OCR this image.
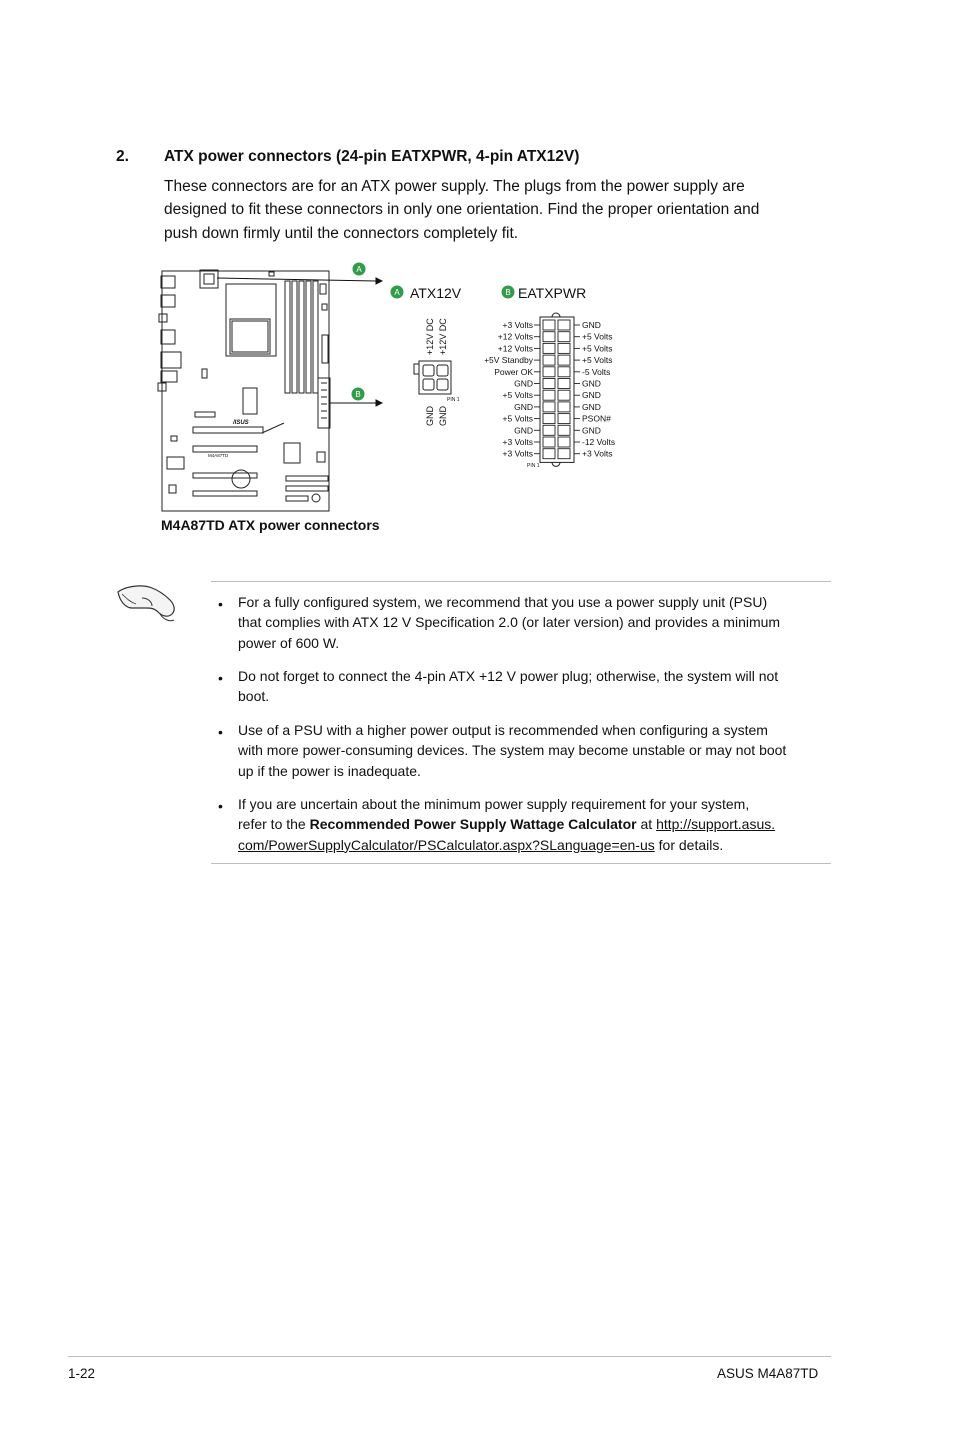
2. ATX power connectors (24-pin EATXPWR, 4-pin ATX12V)
These connectors are for an ATX power supply. The plugs from the power supply are
designed to fit these connectors in only one orientation. Find the proper orientation and
push down firmly until the connectors completely fit.
/ISUS
M4A87TD
A
B
A ATX12V
+12V DC +12V DC
GND GND
PIN 1
B EATXPWR
+3 Volts
+12 Volts
+12 Volts
+5V Standby
Power OK
GND
+5 Volts
GND
+5 Volts
GND
+3 Volts
+3 Volts
GND
+5 Volts
+5 Volts
+5 Volts
-5 Volts
GND
GND
GND
PSON#
GND
-12 Volts
+3 Volts
PIN 1
M4A87TD ATX power connectors
• For a fully configured system, we recommend that you use a power supply unit (PSU)
that complies with ATX 12 V Specification 2.0 (or later version) and provides a minimum
power of 600 W.
• Do not forget to connect the 4-pin ATX +12 V power plug; otherwise, the system will not
boot.
• Use of a PSU with a higher power output is recommended when configuring a system
with more power-consuming devices. The system may become unstable or may not boot
up if the power is inadequate.
• If you are uncertain about the minimum power supply requirement for your system,
refer to the Recommended Power Supply Wattage Calculator at http://support.asus.
com/PowerSupplyCalculator/PSCalculator.aspx?SLanguage=en-us for details.
1-22	ASUS M4A87TD
